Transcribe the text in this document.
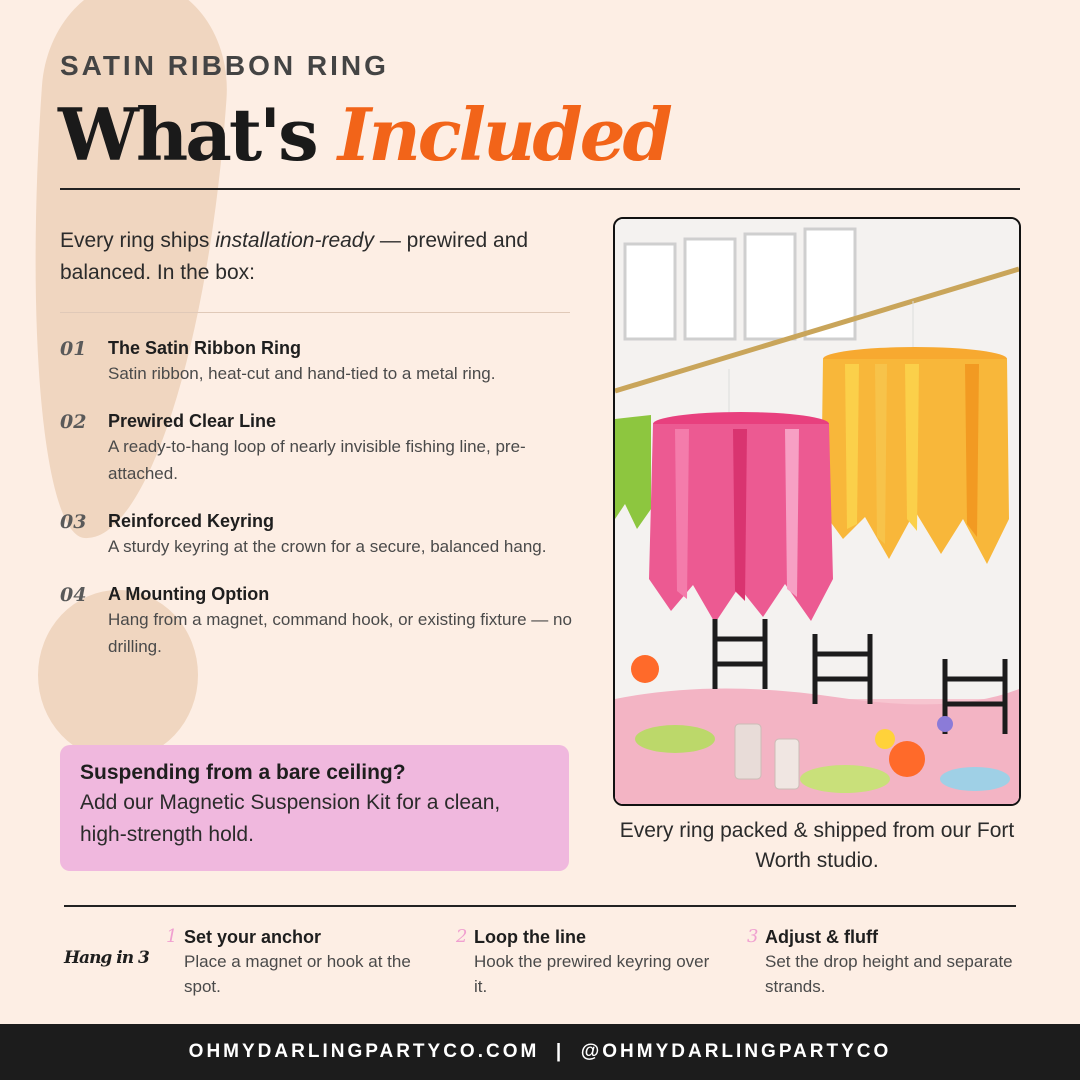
SATIN RIBBON RING

What's Included

Every ring ships installation-ready — prewired and balanced. In the box:

01	The Satin Ribbon Ring
Satin ribbon, heat-cut and hand-tied to a metal ring.
02	Prewired Clear Line
A ready-to-hang loop of nearly invisible fishing line, pre-attached.
03	Reinforced Keyring
A sturdy keyring at the crown for a secure, balanced hang.
04	A Mounting Option
Hang from a magnet, command hook, or existing fixture — no drilling.
Suspending from a bare ceiling?
Add our Magnetic Suspension Kit for a clean, high-strength hold.	Every ring packed & shipped from our Fort Worth studio.

Hang in 3

1 Set your anchor
Place a magnet or hook at the spot.
2 Loop the line
Hook the prewired keyring over it.
3 Adjust & fluff
Set the drop height and separate strands.
OHMYDARLINGPARTYCO.COM  |  @OHMYDARLINGPARTYCO
